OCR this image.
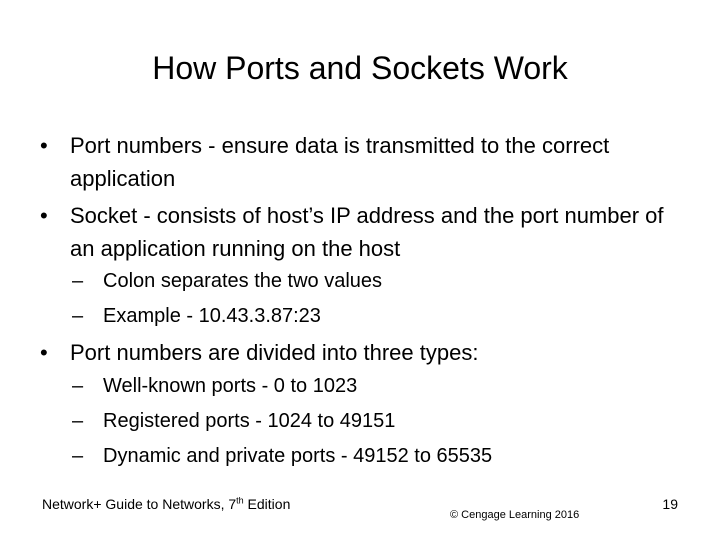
How Ports and Sockets Work
• Port numbers - ensure data is transmitted to the correct application
• Socket - consists of host’s IP address and the port number of an application running on the host
– Colon separates the two values
– Example - 10.43.3.87:23
• Port numbers are divided into three types:
– Well-known ports - 0 to 1023
– Registered ports - 1024 to 49151
– Dynamic and private ports - 49152 to 65535
Network+ Guide to Networks, 7th Edition
© Cengage Learning 2016
19
